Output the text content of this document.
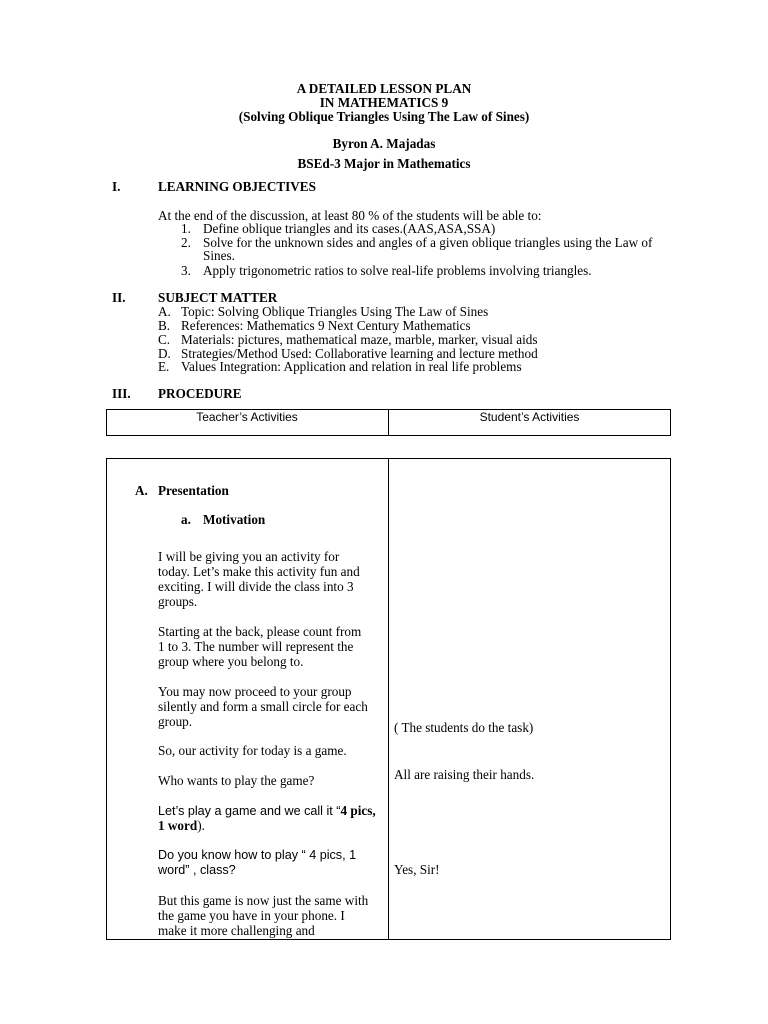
A DETAILED LESSON PLAN
IN MATHEMATICS 9
(Solving Oblique Triangles Using The Law of Sines)
Byron A. Majadas
BSEd-3 Major in Mathematics
I.	LEARNING OBJECTIVES
At the end of the discussion, at least 80 % of the students will be able to:
1. Define oblique triangles and its cases.(AAS,ASA,SSA)
2. Solve for the unknown sides and angles of a given oblique triangles using the Law of
Sines.
3. Apply trigonometric ratios to solve real-life problems involving triangles.
II. SUBJECT MATTER
A. Topic: Solving Oblique Triangles Using The Law of Sines
B. References: Mathematics 9 Next Century Mathematics
C. Materials: pictures, mathematical maze, marble, marker, visual aids
D. Strategies/Method Used: Collaborative learning and lecture method
E. Values Integration: Application and relation in real life problems
III. PROCEDURE
Teacher’s Activities	Student’s Activities
A. Presentation
a. Motivation
I will be giving you an activity for
today. Let’s make this activity fun and
exciting. I will divide the class into 3
groups.
Starting at the back, please count from
1 to 3. The number will represent the
group where you belong to.
You may now proceed to your group
silently and form a small circle for each
group.
So, our activity for today is a game.
Who wants to play the game?
Let’s play a game and we call it “4 pics,
1 word).
Do you know how to play “ 4 pics, 1
word” , class?
But this game is now just the same with
the game you have in your phone. I
make it more challenging and
( The students do the task)
All are raising their hands.
Yes, Sir!
